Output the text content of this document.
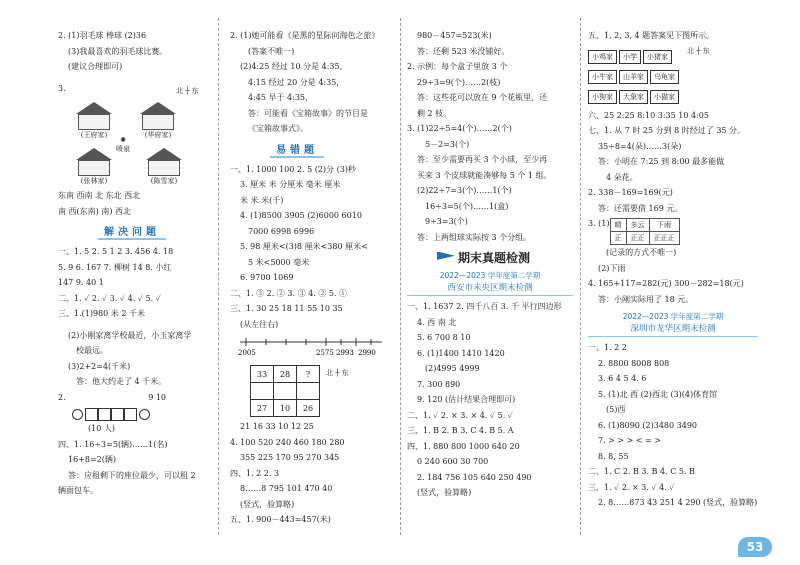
2. (1)羽毛球 棒球 (2)36
(3)我最喜欢的羽毛球比赛。
(建议合理即可)
3.	北 ┼ 东
(王府家)	(华府家)
✺
喷泉
(张林家)	(陈雪家)
东南 西南 北 东北 西北
南 西(东南) 南) 西北
解决问题
一、1. 5 2. 5 1 2 3. 456 4. 18
5. 9 6. 167 7. 柳树 14 8. 小红
147 9. 40 1
二、1. ✓ 2. ✓ 3. ✓ 4. ✓ 5. ✓
三、1.(1)980 米 2 千米
(2)小刚家离学校最近，小玉家离学
校最远。
(3)2+2=4(千米)
答：他大约走了 4 千米。
2.	9 10
(10 人)
四、1. 16÷3=5(辆)……1(名)
16+8=2(辆)
答：应租剩下的座位最少，可以租 2
辆面包车。
2. (1)她可能看《是黑的星际问海色之旅》
(答案不唯一)
(2)4:25 经过 10 分是 4:35，
4:15 经过 20 分是 4:35，
4:45 早于 4:35，
答：可能看《宝箱故事》的节目是
《宝箱故事式》。
易错题
一、1. 1000 100 2. 5 (2)分 (3)秒
3. 厘米 米 分厘米 毫米 厘米
米 米 米(千)
4. (1)8500 3905 (2)6000 6010
7000 6998 6996
5. 98 厘米<(3)8 厘米<380 厘米<
5 米<5000 毫米
6. 9700 1069
二、1. ③ 2. ② 3. ③ 4. ② 5. ①
三、1. 30 25 18 11 55 10 35
(从左往右)
2005	2575 2993 2990
33	28	?

27	10	26
北 ┼ 东
21 16 33 10 12 25
4. 100 520 240 460 180 280
355 225 170 95 270 345
四、1. 2 2. 3
8……8 795 101 470 40
(竖式，验算略)
五、1. 900－443=457(米)
980－457=523(米)
答：还剩 523 米没铺好。
2. 示例：每个盒子里放 3 个
29÷3=9(个)……2(枝)
答：这些花可以放在 9 个花瓶里，还
剩 2 枝。
3. (1)22÷5=4(个)……2(个)
5－2=3(个)
答：至少需要再买 3 个小球，至少再
买来 3 个皮球就能凑够每 5 个 1 组。
(2)22÷7=3(个)……1(个)
16÷3=5(个)……1(盒)
9÷3=3(个)
答：上两组球实际按 3 个分组。
期末真题检测
2022—2023 学年度第二学期
西安市未央区期末检测
一、1. 1637 2. 四千八百 3. 千 平行四边形
4. 西 南 北
5. 6 700 8 10
6. (1)1400 1410 1420
(2)4995 4999
7. 300 890
9. 120 (估计结果合理即可)
二、1. ✓ 2. × 3. × 4. ✓ 5. ✓
三、1. B 2. B 3. C 4. B 5. A
四、1. 880 800 1000 640 20
0 240 600 30 700
2. 184 756 105 640 250 490
(竖式，验算略)
五、1, 2, 3, 4 题答案见下图所示。
小鸡家 小学 小猪家
小牛家 山羊家 乌龟家
小狗家 大象家 小猫家
北 ┼ 东
六、25 2:25 8:10 3:35 10 4:05
七、1. 从 7 时 25 分到 8 时经过了 35 分。
35÷8=4(朵)……3(朵)
答：小明在 7:25 到 8:00 最多能做
4 朵花。
2. 338－169=169(元)
答：还需要借 169 元。
3. (1) 晴	多云	下雨
正	正正	正正正
(记录的方式不唯一)
(2)下雨
4. 165+117=282(元) 300－282=18(元)
答：小刚实际用了 18 元。
2022—2023 学年度第二学期
深圳市龙华区期末检测
一、1. 2 2
2. 8800 8008 808
3. 6 4 5 4. 6
5. (1)北 西 (2)西北 (3)(4)体育馆
(5)西
6. (1)8090 (2)3480 3490
7. > > > < = >
8. 8, 55
二、1. C 2. B 3. B 4. C 5. B
三、1. ✓ 2. × 3. ✓ 4. ✓
2. 8……873 43 251 4 290 (竖式，验算略)
53
